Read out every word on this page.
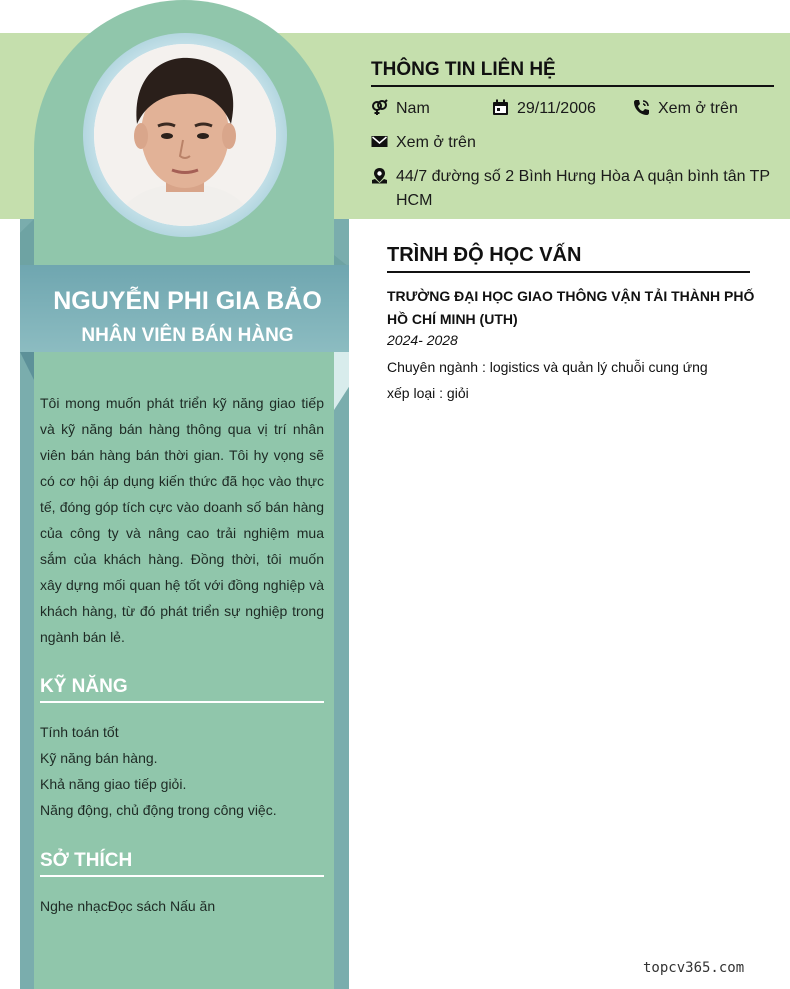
NGUYỄN PHI GIA BẢO
NHÂN VIÊN BÁN HÀNG

Tôi mong muốn phát triển kỹ năng giao tiếp và kỹ năng bán hàng thông qua vị trí nhân viên bán hàng bán thời gian. Tôi hy vọng sẽ có cơ hội áp dụng kiến thức đã học vào thực tế, đóng góp tích cực vào doanh số bán hàng của công ty và nâng cao trải nghiệm mua sắm của khách hàng. Đồng thời, tôi muốn xây dựng mối quan hệ tốt với đồng nghiệp và khách hàng, từ đó phát triển sự nghiệp trong ngành bán lẻ.

KỸ NĂNG
Tính toán tốt
Kỹ năng bán hàng.
Khả năng giao tiếp giỏi.
Năng động, chủ động trong công việc.
SỞ THÍCH
Nghe nhạcĐọc sách Nấu ăn
THÔNG TIN LIÊN HỆ
Nam	29/11/2006	Xem ở trên
Xem ở trên
44/7 đường số 2 Bình Hưng Hòa A quận bình tân TP HCM
TRÌNH ĐỘ HỌC VẤN
TRƯỜNG ĐẠI HỌC GIAO THÔNG VẬN TẢI THÀNH PHỐ HỒ CHÍ MINH (UTH)
2024- 2028
Chuyên ngành : logistics và quản lý chuỗi cung ứng
xếp loại : giỏi
topcv365.com
